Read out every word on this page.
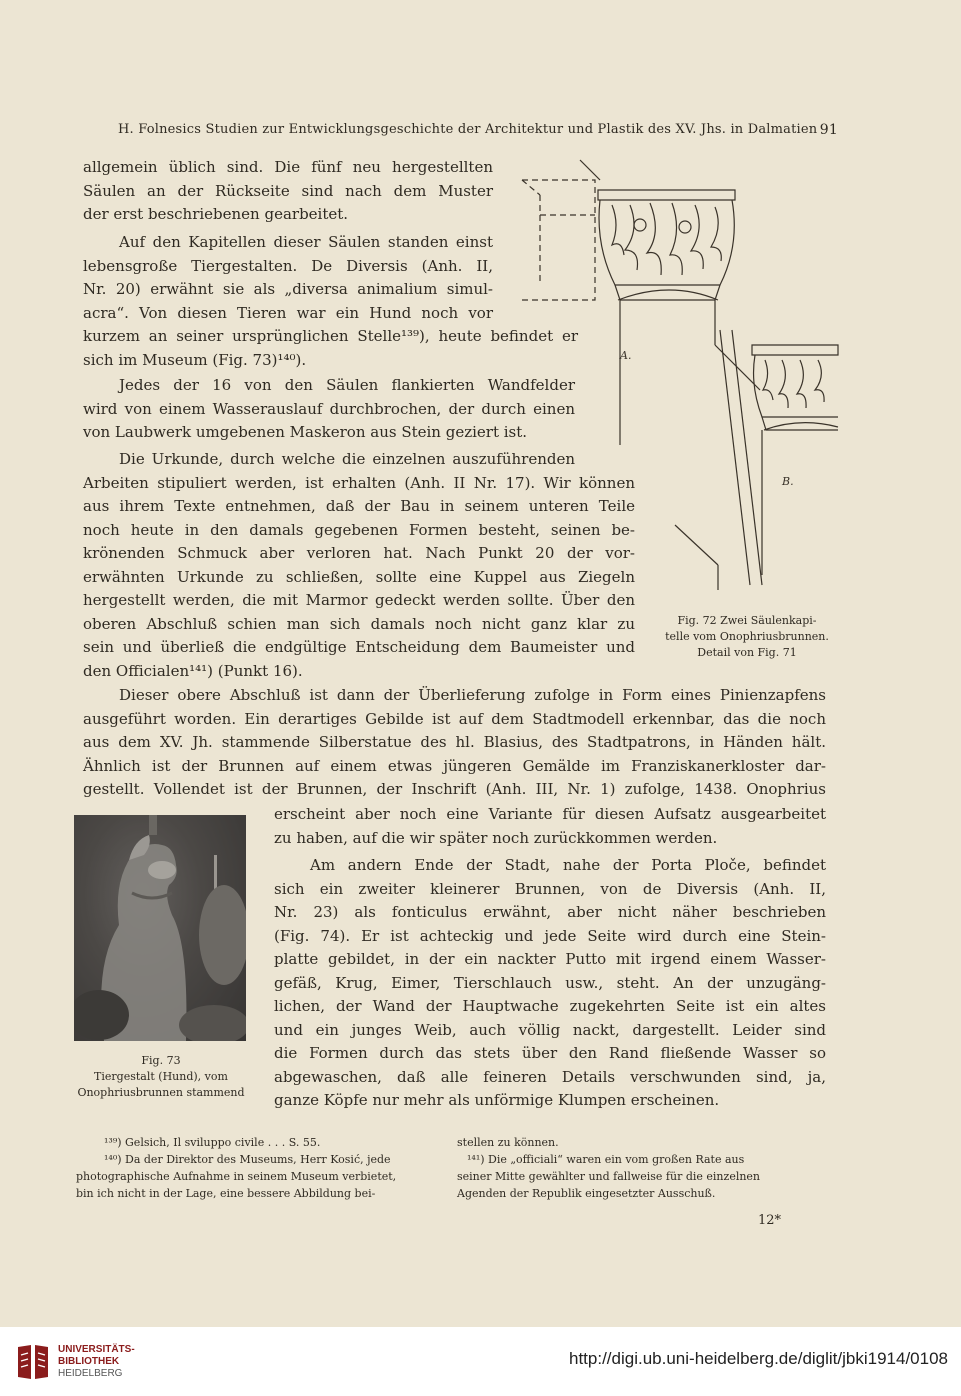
H. Folnesics Studien zur Entwicklungsgeschichte der Architektur und Plastik des XV. Jhs. in Dalmatien 91
allgemein üblich sind. Die fünf neu hergestellten
Säulen an der Rückseite sind nach dem Muster
der erst beschriebenen gearbeitet.
Auf den Kapitellen dieser Säulen standen einst
lebensgroße Tiergestalten. De Diversis (Anh. II,
Nr. 20) erwähnt sie als „diversa animalium simul-
acra“. Von diesen Tieren war ein Hund noch vor
kurzem an seiner ursprünglichen Stelle¹³⁹), heute befindet er
sich im Museum (Fig. 73)¹⁴⁰).
Jedes der 16 von den Säulen flankierten Wandfelder
wird von einem Wasserauslauf durchbrochen, der durch einen
von Laubwerk umgebenen Maskeron aus Stein geziert ist.
Die Urkunde, durch welche die einzelnen auszuführenden
Arbeiten stipuliert werden, ist erhalten (Anh. II Nr. 17). Wir können
aus ihrem Texte entnehmen, daß der Bau in seinem unteren Teile
noch heute in den damals gegebenen Formen besteht, seinen be-
krönenden Schmuck aber verloren hat. Nach Punkt 20 der vor-
erwähnten Urkunde zu schließen, sollte eine Kuppel aus Ziegeln
hergestellt werden, die mit Marmor gedeckt werden sollte. Über den
oberen Abschluß schien man sich damals noch nicht ganz klar zu
sein und überließ die endgültige Entscheidung dem Baumeister und
den Officialen¹⁴¹) (Punkt 16).
Dieser obere Abschluß ist dann der Überlieferung zufolge in Form eines Pinienzapfens
ausgeführt worden. Ein derartiges Gebilde ist auf dem Stadtmodell erkennbar, das die noch
aus dem XV. Jh. stammende Silberstatue des hl. Blasius, des Stadtpatrons, in Händen hält.
Ähnlich ist der Brunnen auf einem etwas jüngeren Gemälde im Franziskanerkloster dar-
gestellt. Vollendet ist der Brunnen, der Inschrift (Anh. III, Nr. 1) zufolge, 1438. Onophrius
erscheint aber noch eine Variante für diesen Aufsatz ausgearbeitet
zu haben, auf die wir später noch zurückkommen werden.
Am andern Ende der Stadt, nahe der Porta Ploče, befindet
sich ein zweiter kleinerer Brunnen, von de Diversis (Anh. II,
Nr. 23) als fonticulus erwähnt, aber nicht näher beschrieben
(Fig. 74). Er ist achteckig und jede Seite wird durch eine Stein-
platte gebildet, in der ein nackter Putto mit irgend einem Wasser-
gefäß, Krug, Eimer, Tierschlauch usw., steht. An der unzugäng-
lichen, der Wand der Hauptwache zugekehrten Seite ist ein altes
und ein junges Weib, auch völlig nackt, dargestellt. Leider sind
die Formen durch das stets über den Rand fließende Wasser so
abgewaschen, daß alle feineren Details verschwunden sind, ja,
ganze Köpfe nur mehr als unförmige Klumpen erscheinen.
A.
B.
Fig. 72 Zwei Säulenkapi-
telle vom Onophriusbrunnen.
Detail von Fig. 71
Fig. 73
Tiergestalt (Hund), vom
Onophriusbrunnen stammend
¹³⁹) Gelsich, Il sviluppo civile . . . S. 55.
¹⁴⁰) Da der Direktor des Museums, Herr Kosić, jede
photographische Aufnahme in seinem Museum verbietet,
bin ich nicht in der Lage, eine bessere Abbildung bei-
stellen zu können.
¹⁴¹) Die „officiali“ waren ein vom großen Rate aus
seiner Mitte gewählter und fallweise für die einzelnen
Agenden der Republik eingesetzter Ausschuß.
12*
UNIVERSITÄTS-
BIBLIOTHEK
HEIDELBERG
http://digi.ub.uni-heidelberg.de/diglit/jbki1914/0108
